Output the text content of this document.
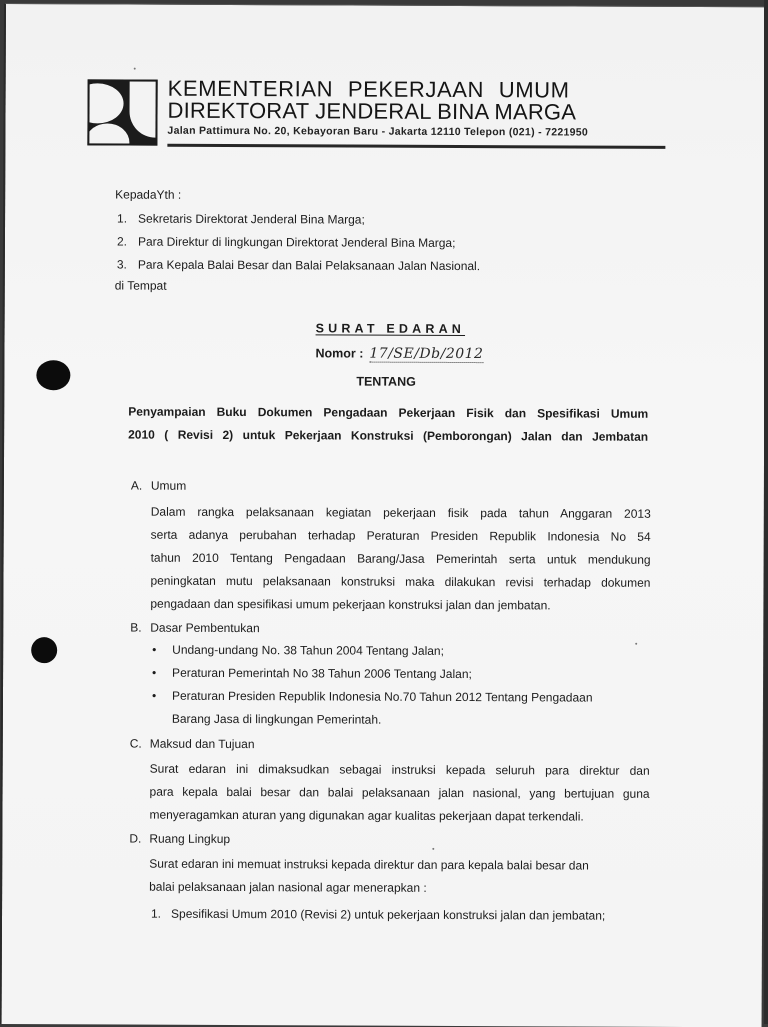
KEMENTERIAN PEKERJAAN UMUM
DIREKTORAT JENDERAL BINA MARGA
Jalan Pattimura No. 20, Kebayoran Baru - Jakarta 12110 Telepon (021) - 7221950
KepadaYth :
1. Sekretaris Direktorat Jenderal Bina Marga;
2. Para Direktur di lingkungan Direktorat Jenderal Bina Marga;
3. Para Kepala Balai Besar dan Balai Pelaksanaan Jalan Nasional.
di Tempat
SURAT EDARAN
Nomor : 17/SE/Db/2012
TENTANG
Penyampaian Buku Dokumen Pengadaan Pekerjaan Fisik dan Spesifikasi Umum
2010 ( Revisi 2) untuk Pekerjaan Konstruksi (Pemborongan) Jalan dan Jembatan
A. Umum
Dalam rangka pelaksanaan kegiatan pekerjaan fisik pada tahun Anggaran 2013
serta adanya perubahan terhadap Peraturan Presiden Republik Indonesia No 54
tahun 2010 Tentang Pengadaan Barang/Jasa Pemerintah serta untuk mendukung
peningkatan mutu pelaksanaan konstruksi maka dilakukan revisi terhadap dokumen
pengadaan dan spesifikasi umum pekerjaan konstruksi jalan dan jembatan.
B. Dasar Pembentukan
•	Undang-undang No. 38 Tahun 2004 Tentang Jalan;
•	Peraturan Pemerintah No 38 Tahun 2006 Tentang Jalan;
•	Peraturan Presiden Republik Indonesia No.70 Tahun 2012 Tentang Pengadaan
Barang Jasa di lingkungan Pemerintah.
C. Maksud dan Tujuan
Surat edaran ini dimaksudkan sebagai instruksi kepada seluruh para direktur dan
para kepala balai besar dan balai pelaksanaan jalan nasional, yang bertujuan guna
menyeragamkan aturan yang digunakan agar kualitas pekerjaan dapat terkendali.
D. Ruang Lingkup
Surat edaran ini memuat instruksi kepada direktur dan para kepala balai besar dan
balai pelaksanaan jalan nasional agar menerapkan :
1. Spesifikasi Umum 2010 (Revisi 2) untuk pekerjaan konstruksi jalan dan jembatan;
